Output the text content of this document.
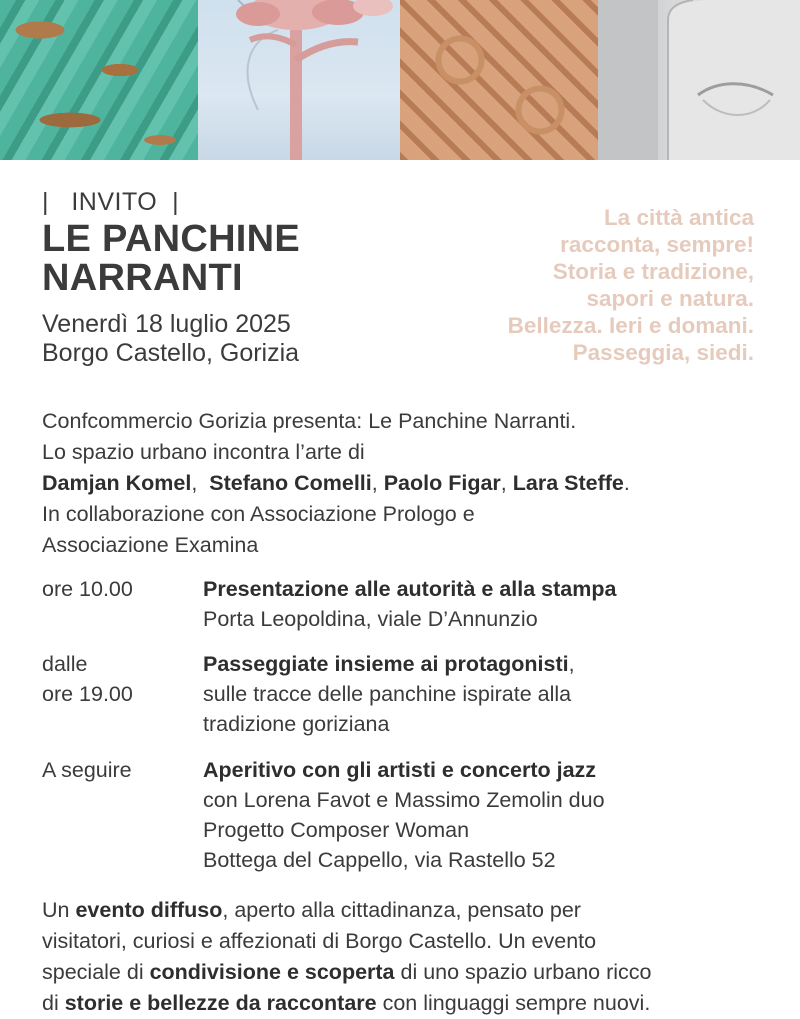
|   INVITO  |
LE PANCHINE
NARRANTI
Venerdì 18 luglio 2025
Borgo Castello, Gorizia
La città antica
racconta, sempre!
Storia e tradizione,
sapori e natura.
Bellezza. Ieri e domani.
Passeggia, siedi.
Confcommercio Gorizia presenta: Le Panchine Narranti.
Lo spazio urbano incontra l’arte di
Damjan Komel,  Stefano Comelli, Paolo Figar, Lara Steffe.
In collaborazione con Associazione Prologo e
Associazione Examina
ore 10.00	Presentazione alle autorità e alla stampa
Porta Leopoldina, viale D’Annunzio
dalle
ore 19.00
Passeggiate insieme ai protagonisti,
sulle tracce delle panchine ispirate alla
tradizione goriziana
A seguire	Aperitivo con gli artisti e concerto jazz
con Lorena Favot e Massimo Zemolin duo
Progetto Composer Woman
Bottega del Cappello, via Rastello 52
Un evento diffuso, aperto alla cittadinanza, pensato per
visitatori, curiosi e affezionati di Borgo Castello. Un evento
speciale di condivisione e scoperta di uno spazio urbano ricco
di storie e bellezze da raccontare con linguaggi sempre nuovi.
